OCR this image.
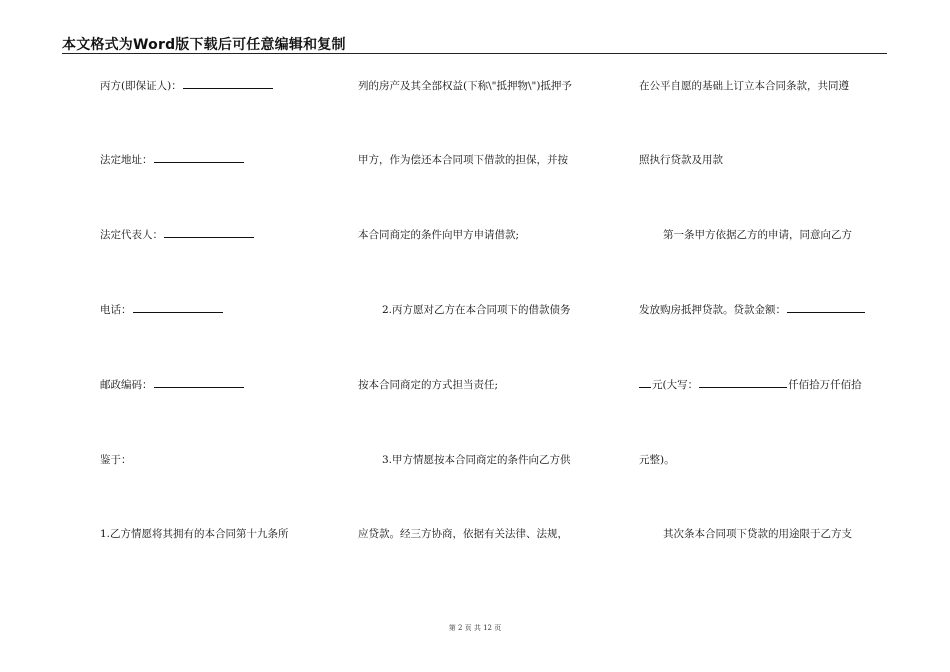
本文格式为Word版下载后可任意编辑和复制
丙方(即保证人)：
法定地址：
法定代表人：
电话：
邮政编码：
鉴于：
1.乙方情愿将其拥有的本合同第十九条所
列的房产及其全部权益(下称\"抵押物\")抵押予
甲方，作为偿还本合同项下借款的担保，并按
本合同商定的条件向甲方申请借款;
2.丙方愿对乙方在本合同项下的借款债务
按本合同商定的方式担当责任;
3.甲方情愿按本合同商定的条件向乙方供
应贷款。经三方协商，依据有关法律、法规，
在公平自愿的基础上订立本合同条款，共同遵
照执行贷款及用款
第一条甲方依据乙方的申请，同意向乙方
发放购房抵押贷款。贷款金额：
元(大写：	仟佰拾万仟佰拾
元整)。
其次条本合同项下贷款的用途限于乙方支
第 2 页 共 12 页
